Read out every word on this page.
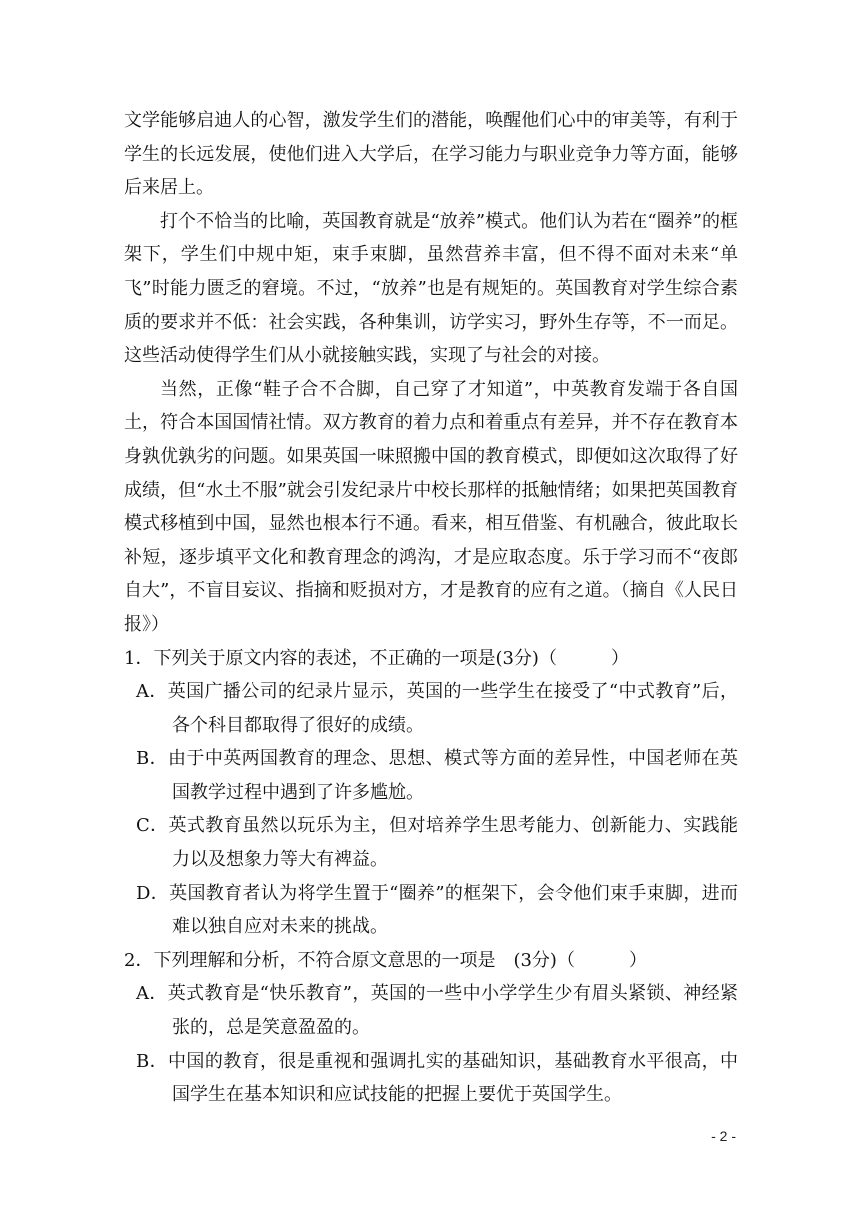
文学能够启迪人的心智，激发学生们的潜能，唤醒他们心中的审美等，有利于学生的长远发展，使他们进入大学后，在学习能力与职业竞争力等方面，能够后来居上。

打个不恰当的比喻，英国教育就是“放养”模式。他们认为若在“圈养”的框架下，学生们中规中矩，束手束脚，虽然营养丰富，但不得不面对未来“单飞”时能力匮乏的窘境。不过，“放养”也是有规矩的。英国教育对学生综合素质的要求并不低：社会实践，各种集训，访学实习，野外生存等，不一而足。这些活动使得学生们从小就接触实践，实现了与社会的对接。

当然，正像“鞋子合不合脚，自己穿了才知道”，中英教育发端于各自国土，符合本国国情社情。双方教育的着力点和着重点有差异，并不存在教育本身孰优孰劣的问题。如果英国一味照搬中国的教育模式，即便如这次取得了好成绩，但“水土不服”就会引发纪录片中校长那样的抵触情绪；如果把英国教育模式移植到中国，显然也根本行不通。看来，相互借鉴、有机融合，彼此取长补短，逐步填平文化和教育理念的鸿沟，才是应取态度。乐于学习而不“夜郎自大”，不盲目妄议、指摘和贬损对方，才是教育的应有之道。（摘自《人民日报》）

1．下列关于原文内容的表述，不正确的一项是(3分)（　　　）

A．英国广播公司的纪录片显示，英国的一些学生在接受了“中式教育”后，各个科目都取得了很好的成绩。

B．由于中英两国教育的理念、思想、模式等方面的差异性，中国老师在英国教学过程中遇到了许多尴尬。

C．英式教育虽然以玩乐为主，但对培养学生思考能力、创新能力、实践能力以及想象力等大有裨益。

D．英国教育者认为将学生置于“圈养”的框架下，会令他们束手束脚，进而难以独自应对未来的挑战。

2．下列理解和分析，不符合原文意思的一项是　(3分)（　　　）

A．英式教育是“快乐教育”，英国的一些中小学学生少有眉头紧锁、神经紧张的，总是笑意盈盈的。

B．中国的教育，很是重视和强调扎实的基础知识，基础教育水平很高，中国学生在基本知识和应试技能的把握上要优于英国学生。

- 2 -
